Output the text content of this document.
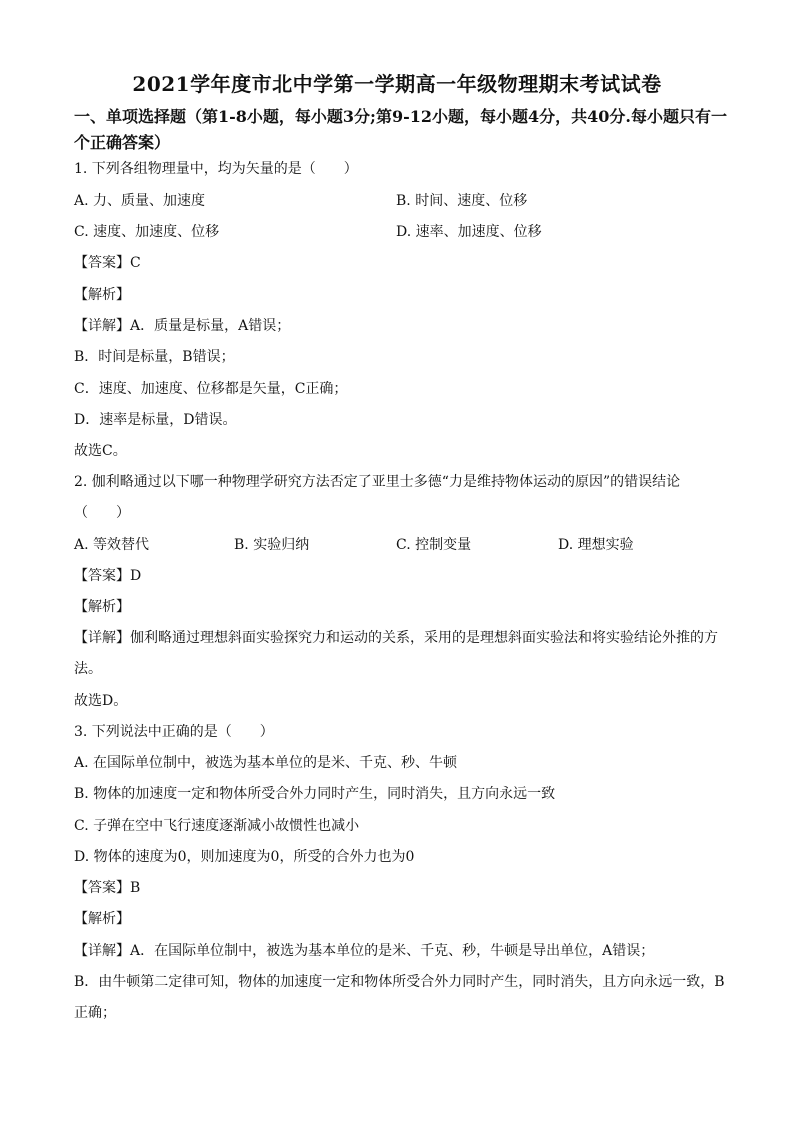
2021学年度市北中学第一学期高一年级物理期末考试试卷
一、单项选择题（第1-8小题，每小题3分;第9-12小题，每小题4分，共40分.每小题只有一个正确答案）
1. 下列各组物理量中，均为矢量的是（　　）
A. 力、质量、加速度	B. 时间、速度、位移
C. 速度、加速度、位移	D. 速率、加速度、位移
【答案】C
【解析】
【详解】A．质量是标量，A错误；
B．时间是标量，B错误；
C．速度、加速度、位移都是矢量，C正确；
D．速率是标量，D错误。
故选C。
2. 伽利略通过以下哪一种物理学研究方法否定了亚里士多德“力是维持物体运动的原因”的错误结论
（　　）
A. 等效替代	B. 实验归纳	C. 控制变量	D. 理想实验
【答案】D
【解析】
【详解】伽利略通过理想斜面实验探究力和运动的关系，采用的是理想斜面实验法和将实验结论外推的方
法。
故选D。
3. 下列说法中正确的是（　　）
A. 在国际单位制中，被选为基本单位的是米、千克、秒、牛顿
B. 物体的加速度一定和物体所受合外力同时产生，同时消失，且方向永远一致
C. 子弹在空中飞行速度逐渐减小故惯性也减小
D. 物体的速度为0，则加速度为0，所受的合外力也为0
【答案】B
【解析】
【详解】A．在国际单位制中，被选为基本单位的是米、千克、秒，牛顿是导出单位，A错误；
B．由牛顿第二定律可知，物体的加速度一定和物体所受合外力同时产生，同时消失，且方向永远一致，B
正确；
